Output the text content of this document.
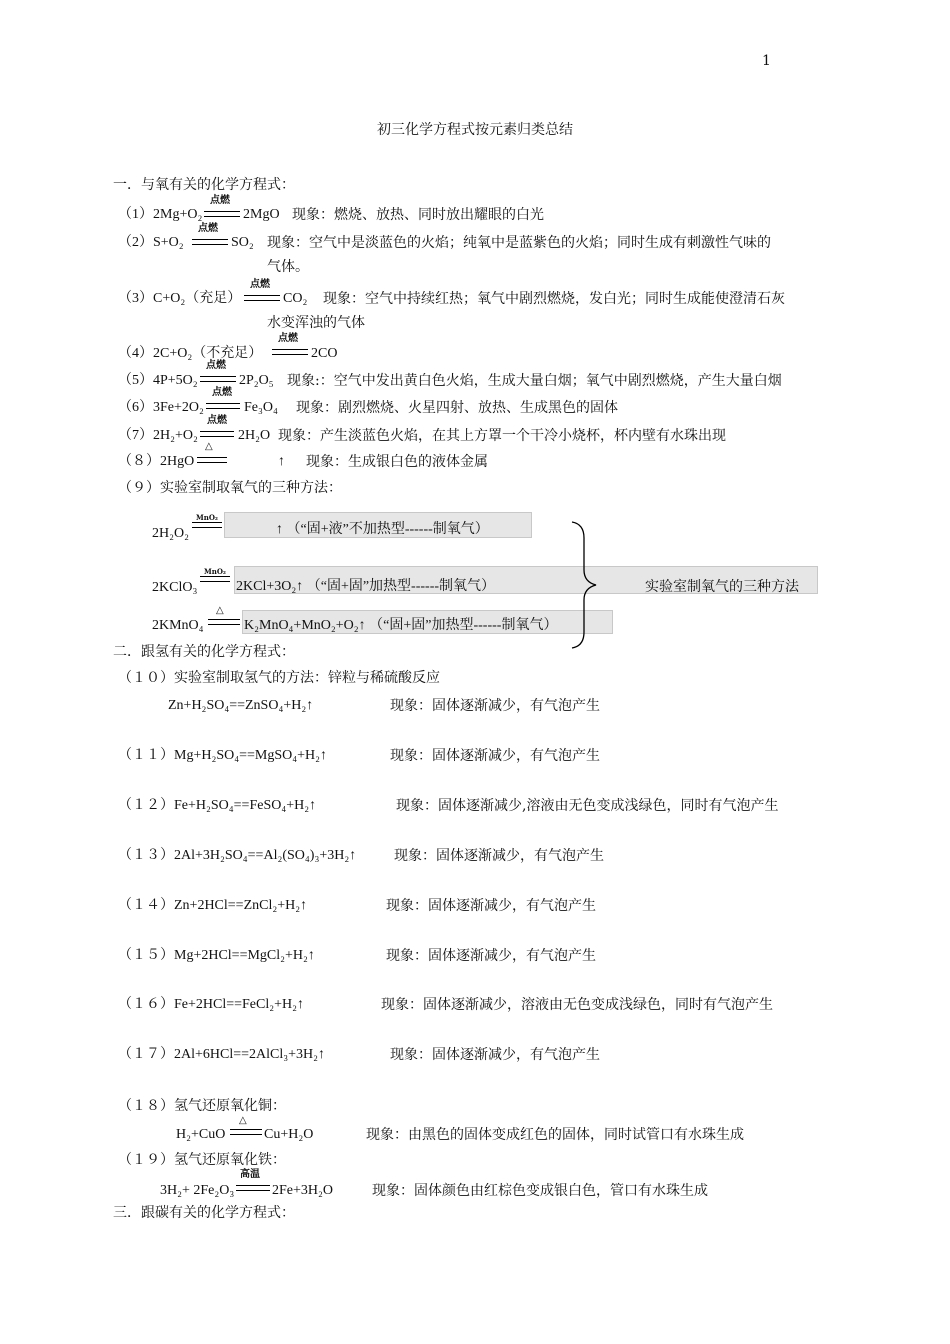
1
初三化学方程式按元素归类总结
一．与氧有关的化学方程式：
（1）2Mg+O₂
点燃
2MgO 现象：燃烧、放热、同时放出耀眼的白光
（2）S+O₂
点燃
SO₂ 现象：空气中是淡蓝色的火焰；纯氧中是蓝紫色的火焰；同时生成有刺激性气味的
气体。
（3）C+O₂（充足）
点燃
CO₂ 现象：空气中持续红热；氧气中剧烈燃烧，发白光；同时生成能使澄清石灰
水变浑浊的气体
（4）2C+O₂（不充足）
点燃
2CO
（5）4P+5O₂
点燃
2P₂O₅ 现象:：空气中发出黄白色火焰，生成大量白烟；氧气中剧烈燃烧，产生大量白烟
（6）3Fe+2O₂
点燃
Fe₃O₄ 现象：剧烈燃烧、火星四射、放热、生成黑色的固体
（7）2H₂+O₂
点燃
2H₂O 现象：产生淡蓝色火焰，在其上方罩一个干冷小烧杯，杯内壁有水珠出现
（８）2HgO
△
↑ 现象：生成银白色的液体金属
（９）实验室制取氧气的三种方法：
2H₂O₂
MnO₂
↑ （“固+液”不加热型------制氧气）
2KClO₃
MnO₂
2KCl+3O₂↑ （“固+固”加热型------制氧气）	实验室制氧气的三种方法
2KMnO₄
△
K₂MnO₄+MnO₂+O₂↑ （“固+固”加热型------制氧气）
二．跟氢有关的化学方程式：
（１０）实验室制取氢气的方法：锌粒与稀硫酸反应
Zn+H₂SO₄==ZnSO₄+H₂↑	现象：固体逐渐减少，有气泡产生
（１１）Mg+H₂SO₄==MgSO₄+H₂↑	现象：固体逐渐减少，有气泡产生
（１２）Fe+H₂SO₄==FeSO₄+H₂↑	现象：固体逐渐减少,溶液由无色变成浅绿色，同时有气泡产生
（１３）2Al+3H₂SO₄==Al₂(SO₄)₃+3H₂↑	现象：固体逐渐减少，有气泡产生
（１４）Zn+2HCl==ZnCl₂+H₂↑	现象：固体逐渐减少，有气泡产生
（１５）Mg+2HCl==MgCl₂+H₂↑	现象：固体逐渐减少，有气泡产生
（１６）Fe+2HCl==FeCl₂+H₂↑	现象：固体逐渐减少，溶液由无色变成浅绿色，同时有气泡产生
（１７）2Al+6HCl==2AlCl₃+3H₂↑	现象：固体逐渐减少，有气泡产生
（１８）氢气还原氧化铜：
H₂+CuO
△
Cu+H₂O	现象：由黑色的固体变成红色的固体，同时试管口有水珠生成
（１９）氢气还原氧化铁：
3H₂+ 2Fe₂O₃
高温
2Fe+3H₂O	现象：固体颜色由红棕色变成银白色，管口有水珠生成
三．跟碳有关的化学方程式：
